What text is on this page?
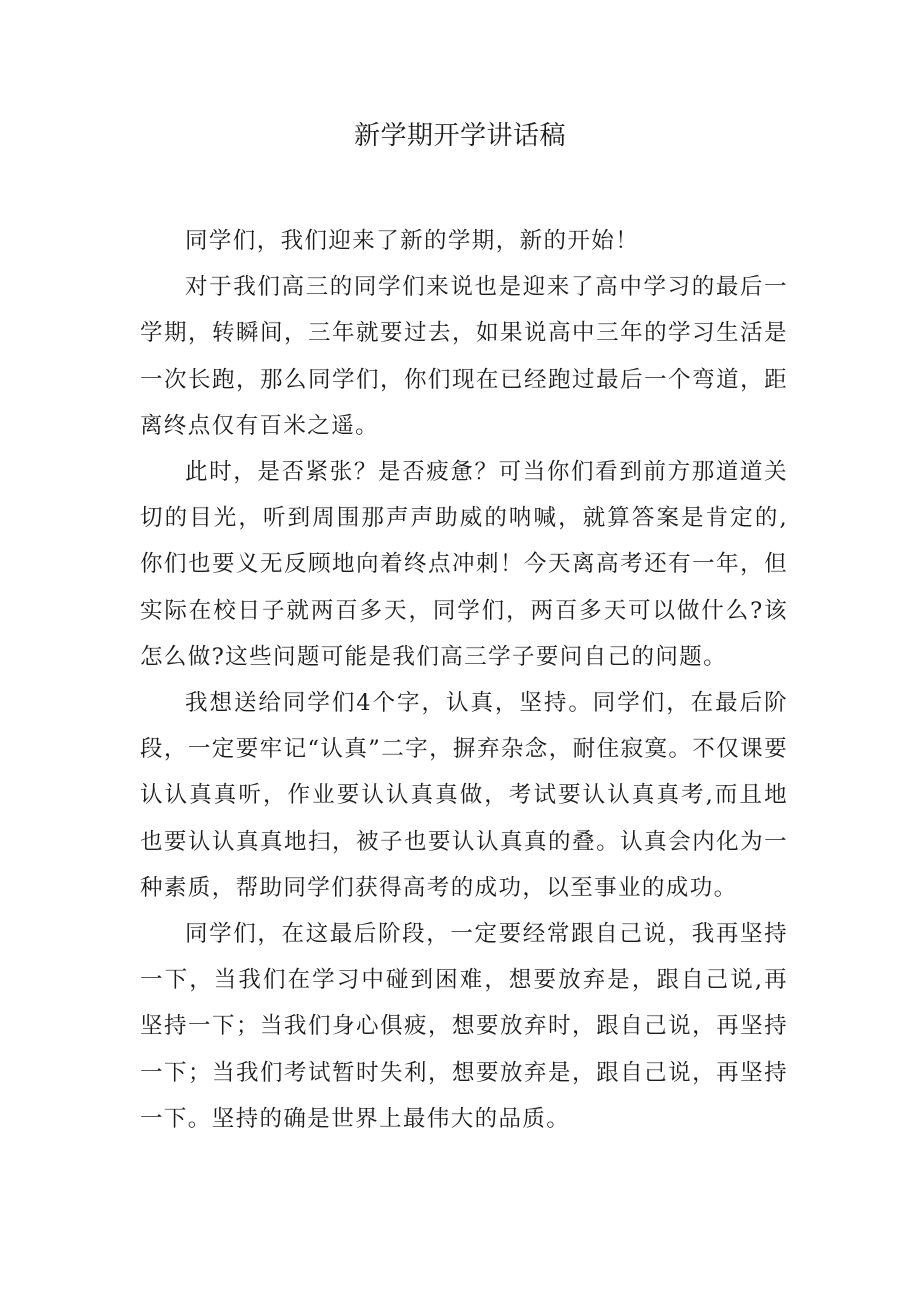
新学期开学讲话稿

同学们，我们迎来了新的学期，新的开始！

对于我们高三的同学们来说也是迎来了高中学习的最后一学期，转瞬间，三年就要过去，如果说高中三年的学习生活是一次长跑，那么同学们，你们现在已经跑过最后一个弯道，距离终点仅有百米之遥。

此时，是否紧张？是否疲惫？可当你们看到前方那道道关切的目光，听到周围那声声助威的呐喊，就算答案是肯定的,你们也要义无反顾地向着终点冲刺！今天离高考还有一年，但实际在校日子就两百多天，同学们，两百多天可以做什么?该怎么做?这些问题可能是我们高三学子要问自己的问题。

我想送给同学们4个字，认真，坚持。同学们，在最后阶段，一定要牢记“认真”二字，摒弃杂念，耐住寂寞。不仅课要认认真真听，作业要认认真真做，考试要认认真真考,而且地也要认认真真地扫，被子也要认认真真的叠。认真会内化为一种素质，帮助同学们获得高考的成功，以至事业的成功。

同学们，在这最后阶段，一定要经常跟自己说，我再坚持一下，当我们在学习中碰到困难，想要放弃是，跟自己说,再坚持一下；当我们身心俱疲，想要放弃时，跟自己说，再坚持一下；当我们考试暂时失利，想要放弃是，跟自己说，再坚持一下。坚持的确是世界上最伟大的品质。
